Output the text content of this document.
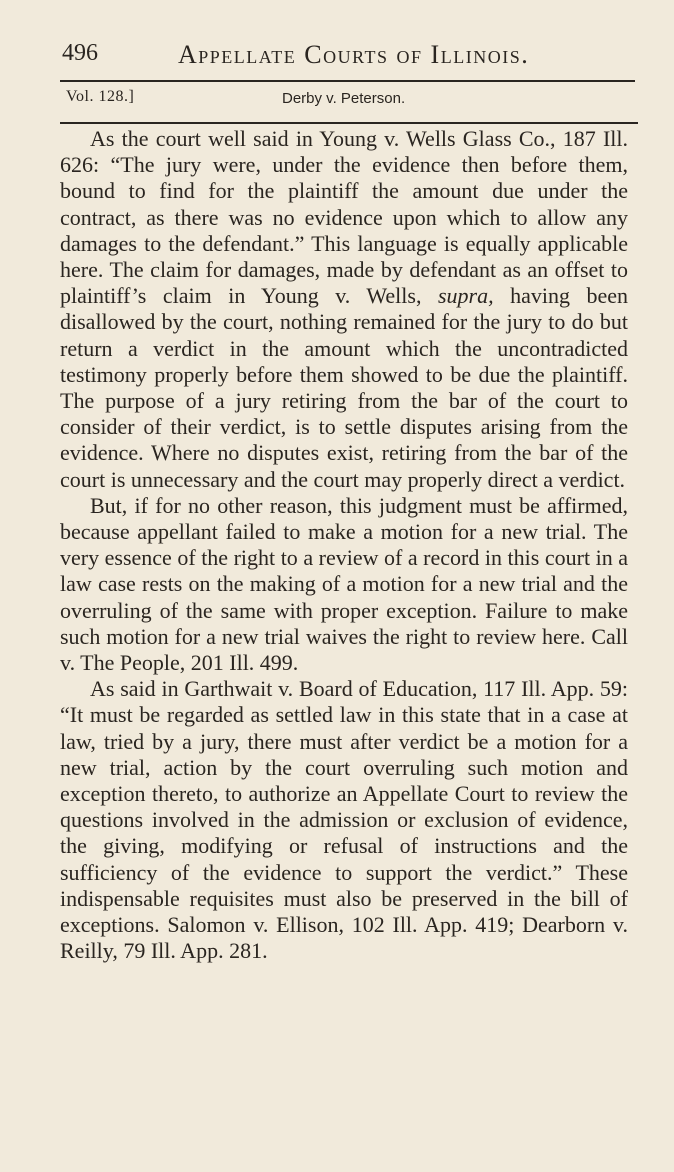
496	Appellate Courts of Illinois.
Vol. 128.]	Derby v. Peterson.

As the court well said in Young v. Wells Glass Co., 187 Ill. 626: “The jury were, under the evidence then before them, bound to find for the plaintiff the amount due under the contract, as there was no evidence upon which to allow any damages to the defendant.” This language is equally applicable here. The claim for damages, made by defendant as an offset to plaintiff’s claim in Young v. Wells, supra, having been disallowed by the court, nothing remained for the jury to do but return a verdict in the amount which the uncontradicted testimony properly before them showed to be due the plaintiff. The purpose of a jury retiring from the bar of the court to consider of their verdict, is to settle disputes arising from the evidence. Where no disputes exist, retiring from the bar of the court is unnecessary and the court may properly direct a verdict.

But, if for no other reason, this judgment must be affirmed, because appellant failed to make a motion for a new trial. The very essence of the right to a review of a record in this court in a law case rests on the making of a motion for a new trial and the overruling of the same with proper exception. Failure to make such motion for a new trial waives the right to review here. Call v. The People, 201 Ill. 499.

As said in Garthwait v. Board of Education, 117 Ill. App. 59: “It must be regarded as settled law in this state that in a case at law, tried by a jury, there must after verdict be a motion for a new trial, action by the court overruling such motion and exception thereto, to authorize an Appellate Court to review the questions involved in the admission or exclusion of evidence, the giving, modifying or refusal of instructions and the sufficiency of the evidence to support the verdict.” These indispensable requisites must also be preserved in the bill of exceptions. Salomon v. Ellison, 102 Ill. App. 419; Dearborn v. Reilly, 79 Ill. App. 281.
